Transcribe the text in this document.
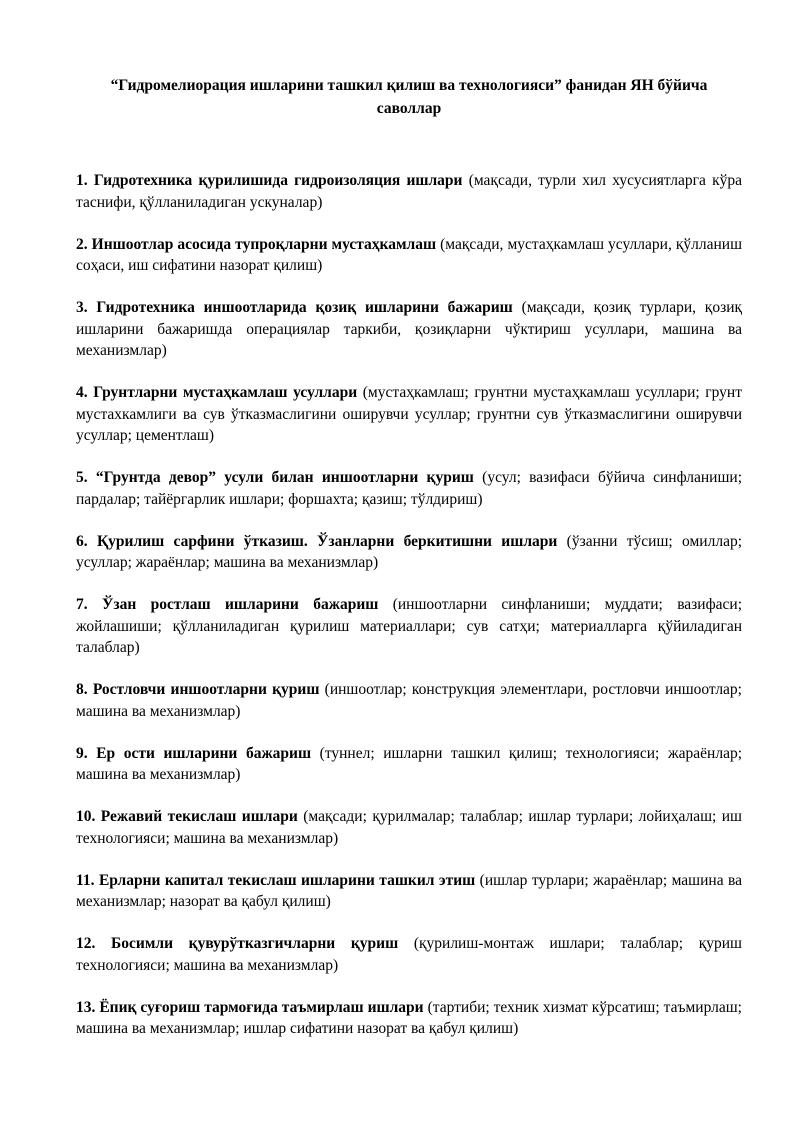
“Гидромелиорация ишларини ташкил қилиш ва технологияси” фанидан ЯН бўйича саволлар
1. Гидротехника қурилишида гидроизоляция ишлари (мақсади, турли хил хусусиятларга кўра таснифи, қўлланиладиган ускуналар)
2. Иншоотлар асосида тупроқларни мустаҳкамлаш (мақсади, мустаҳкамлаш усуллари, қўлланиш соҳаси, иш сифатини назорат қилиш)
3. Гидротехника иншоотларида қозиқ ишларини бажариш (мақсади, қозиқ турлари, қозиқ ишларини бажаришда операциялар таркиби, қозиқларни чўктириш усуллари, машина ва механизмлар)
4. Грунтларни мустаҳкамлаш усуллари (мустаҳкамлаш; грунтни мустаҳкамлаш усуллари; грунт мустахкамлиги ва сув ўтказмаслигини оширувчи усуллар; грунтни сув ўтказмаслигини оширувчи усуллар; цементлаш)
5. “Грунтда девор” усули билан иншоотларни қуриш (усул; вазифаси бўйича синфланиши; пардалар; тайёргарлик ишлари; форшахта; қазиш; тўлдириш)
6. Қурилиш сарфини ўтказиш. Ўзанларни беркитишни ишлари (ўзанни тўсиш; омиллар; усуллар; жараёнлар; машина ва механизмлар)
7. Ўзан ростлаш ишларини бажариш (иншоотларни синфланиши; муддати; вазифаси; жойлашиши; қўлланиладиган қурилиш материаллари; сув сатҳи; материалларга қўйиладиган талаблар)
8. Ростловчи иншоотларни қуриш (иншоотлар; конструкция элементлари, ростловчи иншоотлар; машина ва механизмлар)
9. Ер ости ишларини бажариш (туннел; ишларни ташкил қилиш; технологияси; жараёнлар; машина ва механизмлар)
10. Режавий текислаш ишлари (мақсади; қурилмалар; талаблар; ишлар турлари; лойиҳалаш; иш технологияси; машина ва механизмлар)
11. Ерларни капитал текислаш ишларини ташкил этиш (ишлар турлари; жараёнлар; машина ва механизмлар; назорат ва қабул қилиш)
12. Босимли қувурўтказгичларни қуриш (қурилиш-монтаж ишлари; талаблар; қуриш технологияси; машина ва механизмлар)
13. Ёпиқ суғориш тармоғида таъмирлаш ишлари (тартиби; техник хизмат кўрсатиш; таъмирлаш; машина ва механизмлар; ишлар сифатини назорат ва қабул қилиш)
